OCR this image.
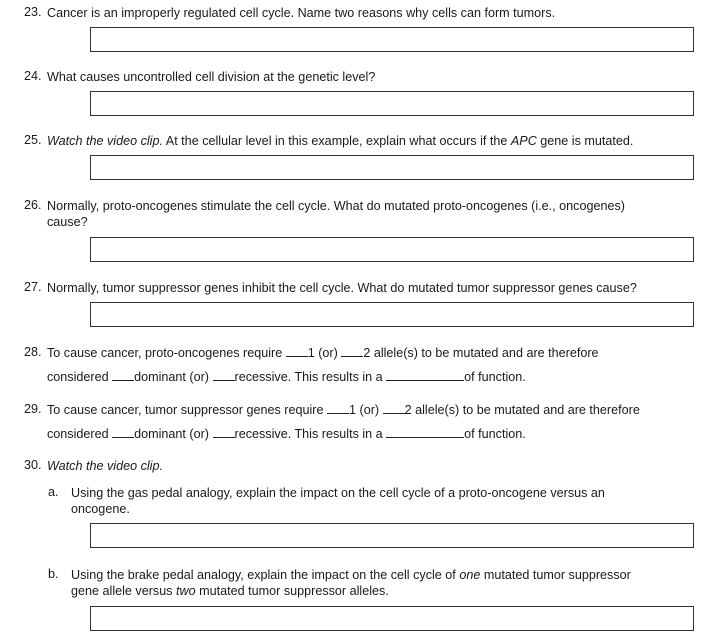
23. Cancer is an improperly regulated cell cycle. Name two reasons why cells can form tumors.
24. What causes uncontrolled cell division at the genetic level?
25. Watch the video clip. At the cellular level in this example, explain what occurs if the APC gene is mutated.
26. Normally, proto-oncogenes stimulate the cell cycle. What do mutated proto-oncogenes (i.e., oncogenes) cause?
27. Normally, tumor suppressor genes inhibit the cell cycle. What do mutated tumor suppressor genes cause?
28. To cause cancer, proto-oncogenes require 1 (or) 2 allele(s) to be mutated and are therefore
considered dominant (or) recessive. This results in a	of function.
29. To cause cancer, tumor suppressor genes require 1 (or) 2 allele(s) to be mutated and are therefore
considered dominant (or) recessive. This results in a	of function.
30. Watch the video clip.
a. Using the gas pedal analogy, explain the impact on the cell cycle of a proto-oncogene versus an oncogene.
b. Using the brake pedal analogy, explain the impact on the cell cycle of one mutated tumor suppressor gene allele versus two mutated tumor suppressor alleles.
